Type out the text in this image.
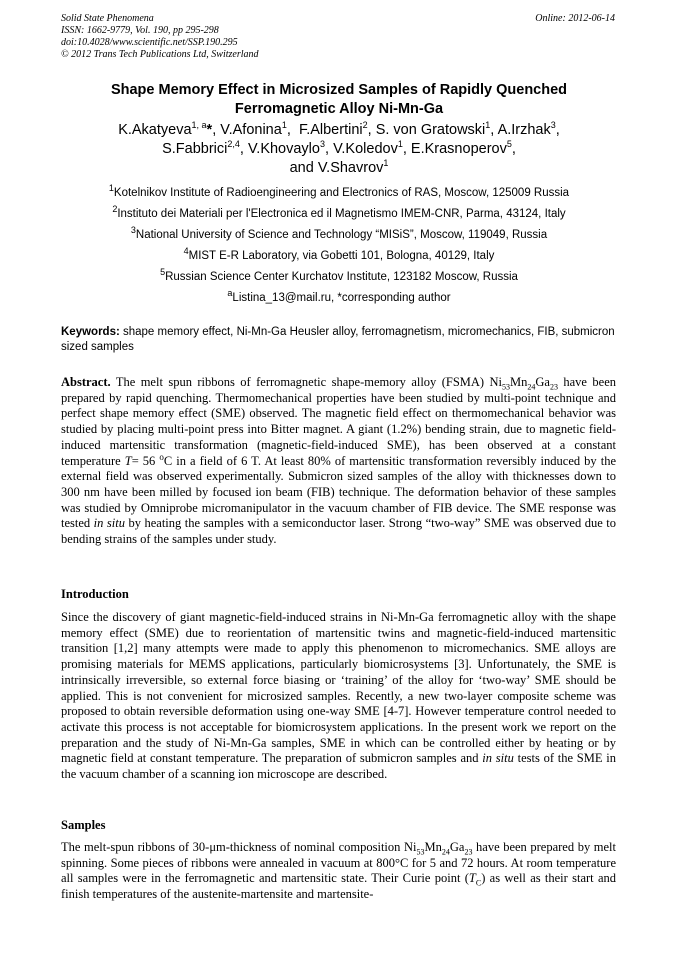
Solid State Phenomena
ISSN: 1662-9779, Vol. 190, pp 295-298
doi:10.4028/www.scientific.net/SSP.190.295
© 2012 Trans Tech Publications Ltd, Switzerland
Online: 2012-06-14
Shape Memory Effect in Microsized Samples of Rapidly Quenched
Ferromagnetic Alloy Ni-Mn-Ga
K.Akatyeva$^{1, a}$*, V.Afonina$^1$,  F.Albertini$^2$, S. von Gratowski$^1$, A.Irzhak$^3$,
S.Fabbrici$^{2,4}$, V.Khovaylo$^3$, V.Koledov$^1$, E.Krasnoperov$^5$,
and V.Shavrov$^1$
$^1$Kotelnikov Institute of Radioengineering and Electronics of RAS, Moscow, 125009 Russia
$^2$Instituto dei Materiali per l'Electronica ed il Magnetismo IMEM-CNR, Parma, 43124, Italy
$^3$National University of Science and Technology “MISiS”, Moscow, 119049, Russia
$^4$MIST E-R Laboratory, via Gobetti 101, Bologna, 40129, Italy
$^5$Russian Science Center Kurchatov Institute, 123182 Moscow, Russia
$^a$Listina_13@mail.ru, *corresponding author
Keywords: shape memory effect, Ni-Mn-Ga Heusler alloy, ferromagnetism, micromechanics, FIB, submicron sized samples
Abstract. The melt spun ribbons of ferromagnetic shape-memory alloy (FSMA) $Ni_{53}Mn_{24}Ga_{23}$ have been prepared by rapid quenching. Thermomechanical properties have been studied by multi-point technique and perfect shape memory effect (SME) observed. The magnetic field effect on thermomechanical behavior was studied by placing multi-point press into Bitter magnet. A giant (1.2%) bending strain, due to magnetic field-induced martensitic transformation (magnetic-field-induced SME), has been observed at a constant temperature T= 56 $^o$C in a field of 6 T. At least 80% of martensitic transformation reversibly induced by the external field was observed experimentally. Submicron sized samples of the alloy with thicknesses down to 300 nm have been milled by focused ion beam (FIB) technique. The deformation behavior of these samples was studied by Omniprobe micromanipulator in the vacuum chamber of FIB device. The SME response was tested in situ by heating the samples with a semiconductor laser. Strong “two-way” SME was observed due to bending strains of the samples under study.
Introduction
Since the discovery of giant magnetic-field-induced strains in Ni-Mn-Ga ferromagnetic alloy with the shape memory effect (SME) due to reorientation of martensitic twins and magnetic-field-induced martensitic transition [1,2] many attempts were made to apply this phenomenon to micromechanics. SME alloys are promising materials for MEMS applications, particularly biomicrosystems [3]. Unfortunately, the SME is intrinsically irreversible, so external force biasing or ‘training’ of the alloy for ‘two-way’ SME should be applied. This is not convenient for microsized samples. Recently, a new two-layer composite scheme was proposed to obtain reversible deformation using one-way SME [4-7]. However temperature control needed to activate this process is not acceptable for biomicrosystem applications. In the present work we report on the preparation and the study of Ni-Mn-Ga samples, SME in which can be controlled either by heating or by magnetic field at constant temperature. The preparation of submicron samples and in situ tests of the SME in the vacuum chamber of a scanning ion microscope are described.
Samples
The melt-spun ribbons of 30-μm-thickness of nominal composition $Ni_{53}Mn_{24}Ga_{23}$ have been prepared by melt spinning. Some pieces of ribbons were annealed in vacuum at 800°C for 5 and 72 hours. At room temperature all samples were in the ferromagnetic and martensitic state. Their Curie point $(T_C)$ as well as their start and finish temperatures of the austenite-martensite and martensite-
